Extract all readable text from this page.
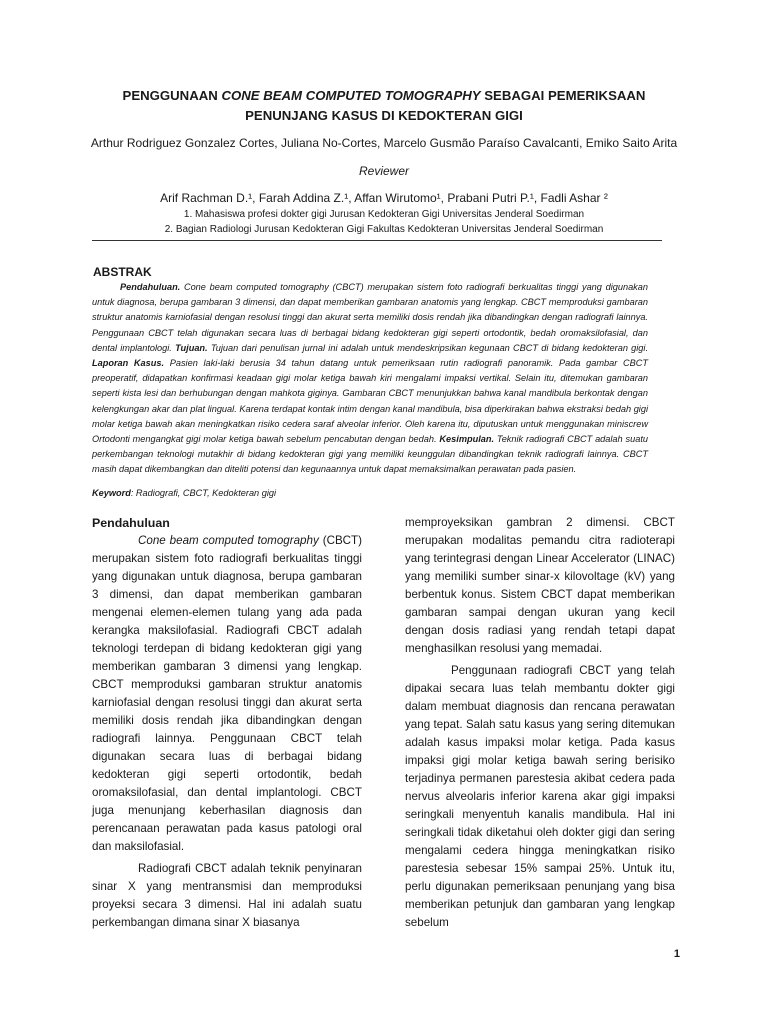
PENGGUNAAN CONE BEAM COMPUTED TOMOGRAPHY SEBAGAI PEMERIKSAAN
PENUNJANG KASUS DI KEDOKTERAN GIGI
Arthur Rodriguez Gonzalez Cortes, Juliana No-Cortes, Marcelo Gusmão Paraíso Cavalcanti, Emiko Saito Arita
Reviewer
Arif Rachman D.¹, Farah Addina Z.¹, Affan Wirutomo¹, Prabani Putri P.¹, Fadli Ashar ²
1. Mahasiswa profesi dokter gigi Jurusan Kedokteran Gigi Universitas Jenderal Soedirman
2. Bagian Radiologi Jurusan Kedokteran Gigi Fakultas Kedokteran Universitas Jenderal Soedirman
ABSTRAK
Pendahuluan. Cone beam computed tomography (CBCT) merupakan sistem foto radiografi berkualitas tinggi yang digunakan untuk diagnosa, berupa gambaran 3 dimensi, dan dapat memberikan gambaran anatomis yang lengkap. CBCT memproduksi gambaran struktur anatomis karniofasial dengan resolusi tinggi dan akurat serta memiliki dosis rendah jika dibandingkan dengan radiografi lainnya. Penggunaan CBCT telah digunakan secara luas di berbagai bidang kedokteran gigi seperti ortodontik, bedah oromaksilofasial, dan dental implantologi. Tujuan. Tujuan dari penulisan jurnal ini adalah untuk mendeskripsikan kegunaan CBCT di bidang kedokteran gigi. Laporan Kasus. Pasien laki-laki berusia 34 tahun datang untuk pemeriksaan rutin radiografi panoramik. Pada gambar CBCT preoperatif, didapatkan konfirmasi keadaan gigi molar ketiga bawah kiri mengalami impaksi vertikal. Selain itu, ditemukan gambaran seperti kista lesi dan berhubungan dengan mahkota giginya. Gambaran CBCT menunjukkan bahwa kanal mandibula berkontak dengan kelengkungan akar dan plat lingual. Karena terdapat kontak intim dengan kanal mandibula, bisa diperkirakan bahwa ekstraksi bedah gigi molar ketiga bawah akan meningkatkan risiko cedera saraf alveolar inferior. Oleh karena itu, diputuskan untuk menggunakan miniscrew Ortodonti mengangkat gigi molar ketiga bawah sebelum pencabutan dengan bedah. Kesimpulan. Teknik radiografi CBCT adalah suatu perkembangan teknologi mutakhir di bidang kedokteran gigi yang memiliki keunggulan dibandingkan teknik radiografi lainnya. CBCT masih dapat dikembangkan dan diteliti potensi dan kegunaannya untuk dapat memaksimalkan perawatan pada pasien.
Keyword: Radiografi, CBCT, Kedokteran gigi
Pendahuluan

Cone beam computed tomography (CBCT) merupakan sistem foto radiografi berkualitas tinggi yang digunakan untuk diagnosa, berupa gambaran 3 dimensi, dan dapat memberikan gambaran mengenai elemen-elemen tulang yang ada pada kerangka maksilofasial. Radiografi CBCT adalah teknologi terdepan di bidang kedokteran gigi yang memberikan gambaran 3 dimensi yang lengkap. CBCT memproduksi gambaran struktur anatomis karniofasial dengan resolusi tinggi dan akurat serta memiliki dosis rendah jika dibandingkan dengan radiografi lainnya. Penggunaan CBCT telah digunakan secara luas di berbagai bidang kedokteran gigi seperti ortodontik, bedah oromaksilofasial, dan dental implantologi. CBCT juga menunjang keberhasilan diagnosis dan perencanaan perawatan pada kasus patologi oral dan maksilofasial.

Radiografi CBCT adalah teknik penyinaran sinar X yang mentransmisi dan memproduksi proyeksi secara 3 dimensi. Hal ini adalah suatu perkembangan dimana sinar X biasanya

memproyeksikan gambran 2 dimensi. CBCT merupakan modalitas pemandu citra radioterapi yang terintegrasi dengan Linear Accelerator (LINAC) yang memiliki sumber sinar-x kilovoltage (kV) yang berbentuk konus. Sistem CBCT dapat memberikan gambaran sampai dengan ukuran yang kecil dengan dosis radiasi yang rendah tetapi dapat menghasilkan resolusi yang memadai.

Penggunaan radiografi CBCT yang telah dipakai secara luas telah membantu dokter gigi dalam membuat diagnosis dan rencana perawatan yang tepat. Salah satu kasus yang sering ditemukan adalah kasus impaksi molar ketiga. Pada kasus impaksi gigi molar ketiga bawah sering berisiko terjadinya permanen parestesia akibat cedera pada nervus alveolaris inferior karena akar gigi impaksi seringkali menyentuh kanalis mandibula. Hal ini seringkali tidak diketahui oleh dokter gigi dan sering mengalami cedera hingga meningkatkan risiko parestesia sebesar 15% sampai 25%. Untuk itu, perlu digunakan pemeriksaan penunjang yang bisa memberikan petunjuk dan gambaran yang lengkap sebelum

1
